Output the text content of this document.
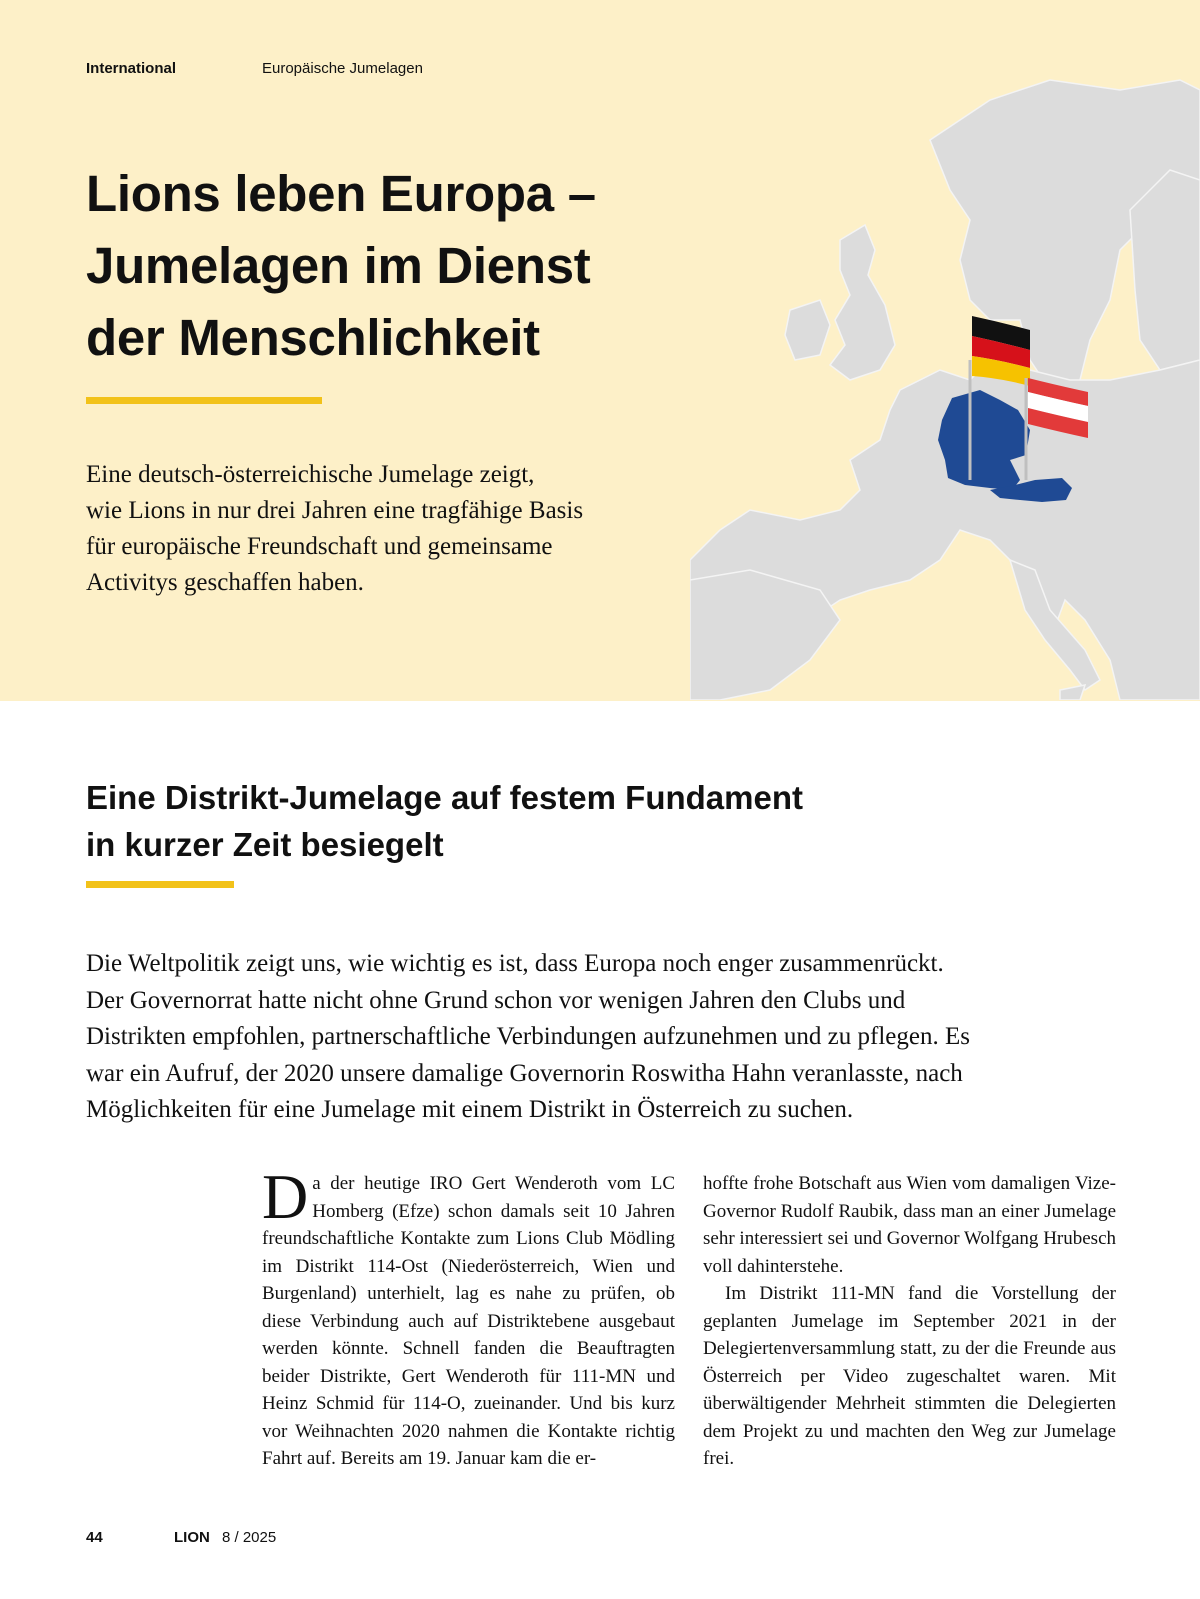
International	Europäische Jumelagen
Lions leben Europa –
Jumelagen im Dienst
der Menschlichkeit

Eine deutsch-österreichische Jumelage zeigt,
wie Lions in nur drei Jahren eine tragfähige Basis
für europäische Freundschaft und gemeinsame
Activitys geschaffen haben.

Eine Distrikt-Jumelage auf festem Fundament
in kurzer Zeit besiegelt

Die Weltpolitik zeigt uns, wie wichtig es ist, dass Europa noch enger zusammenrückt.
Der Governorrat hatte nicht ohne Grund schon vor wenigen Jahren den Clubs und
Distrikten empfohlen, partnerschaftliche Verbindungen aufzunehmen und zu pflegen. Es
war ein Aufruf, der 2020 unsere damalige Governorin Roswitha Hahn veranlasste, nach
Möglichkeiten für eine Jumelage mit einem Distrikt in Österreich zu suchen.

Da der heutige IRO Gert Wenderoth vom LC Homberg (Efze) schon damals seit 10 Jahren freundschaftliche Kontakte zum Lions Club Mödling im Distrikt 114-Ost (Niederösterreich, Wien und Burgenland) unterhielt, lag es nahe zu prüfen, ob diese Verbindung auch auf Distriktebene ausgebaut werden könnte. Schnell fanden die Beauftragten beider Distrikte, Gert Wenderoth für 111-MN und Heinz Schmid für 114-O, zueinander. Und bis kurz vor Weihnachten 2020 nahmen die Kontakte richtig Fahrt auf. Bereits am 19. Januar kam die er-

hoffte frohe Botschaft aus Wien vom damaligen Vize-Governor Rudolf Raubik, dass man an einer Jumelage sehr interessiert sei und Governor Wolfgang Hrubesch voll dahinterstehe.

Im Distrikt 111-MN fand die Vorstellung der geplanten Jumelage im September 2021 in der Delegiertenversammlung statt, zu der die Freunde aus Österreich per Video zugeschaltet waren. Mit überwältigender Mehrheit stimmten die Delegierten dem Projekt zu und machten den Weg zur Jumelage frei.

44	LION 8 / 2025
